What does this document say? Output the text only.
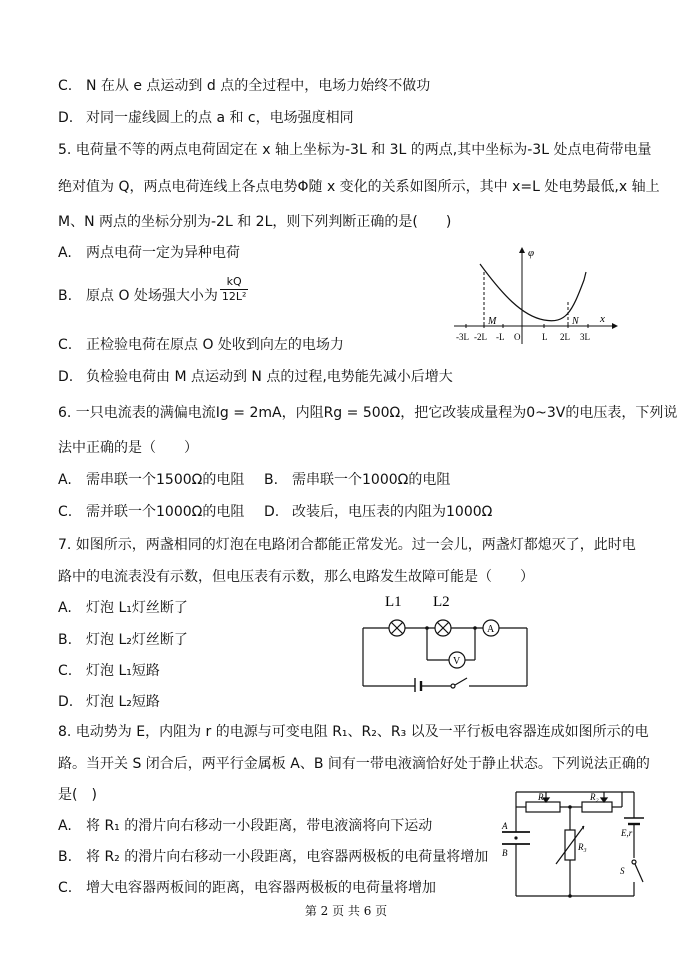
C. N 在从 e 点运动到 d 点的全过程中，电场力始终不做功
D. 对同一虚线圆上的点 a 和 c，电场强度相同
5. 电荷量不等的两点电荷固定在 x 轴上坐标为-3L 和 3L 的两点,其中坐标为-3L 处点电荷带电量
绝对值为 Q，两点电荷连线上各点电势Φ随 x 变化的关系如图所示，其中 x=L 处电势最低,x 轴上
M、N 两点的坐标分别为-2L 和 2L，则下列判断正确的是(　　)
A. 两点电荷一定为异种电荷
B. 原点 O 处场强大小为 $\frac{kQ}{\text{12L²}}$
C. 正检验电荷在原点 O 处收到向左的电场力
D. 负检验电荷由 M 点运动到 N 点的过程,电势能先减小后增大
φ
x
M	N
-3L -2L -L O L 2L 3L
6. 一只电流表的满偏电流Ig = 2mA，内阻Rg = 500Ω，把它改装成量程为0~3V的电压表，下列说
法中正确的是（　　）
A. 需串联一个1500Ω的电阻 B. 需串联一个1000Ω的电阻
C. 需并联一个1000Ω的电阻 D. 改装后，电压表的内阻为1000Ω
7. 如图所示，两盏相同的灯泡在电路闭合都能正常发光。过一会儿，两盏灯都熄灭了，此时电
路中的电流表没有示数，但电压表有示数，那么电路发生故障可能是（　　）
A. 灯泡 L₁灯丝断了
B. 灯泡 L₂灯丝断了
C. 灯泡 L₁短路
D. 灯泡 L₂短路
L1 L2
A
V
8. 电动势为 E，内阻为 r 的电源与可变电阻 R₁、R₂、R₃ 以及一平行板电容器连成如图所示的电
路。当开关 S 闭合后，两平行金属板 A、B 间有一带电液滴恰好处于静止状态。下列说法正确的
是(　)
A. 将 R₁ 的滑片向右移动一小段距离，带电液滴将向下运动
B. 将 R₂ 的滑片向右移动一小段距离，电容器两极板的电荷量将增加
C. 增大电容器两板间的距离，电容器两极板的电荷量将增加
R₁	R₂
R₃
A
B
E,r
S
第 2 页 共 6 页
